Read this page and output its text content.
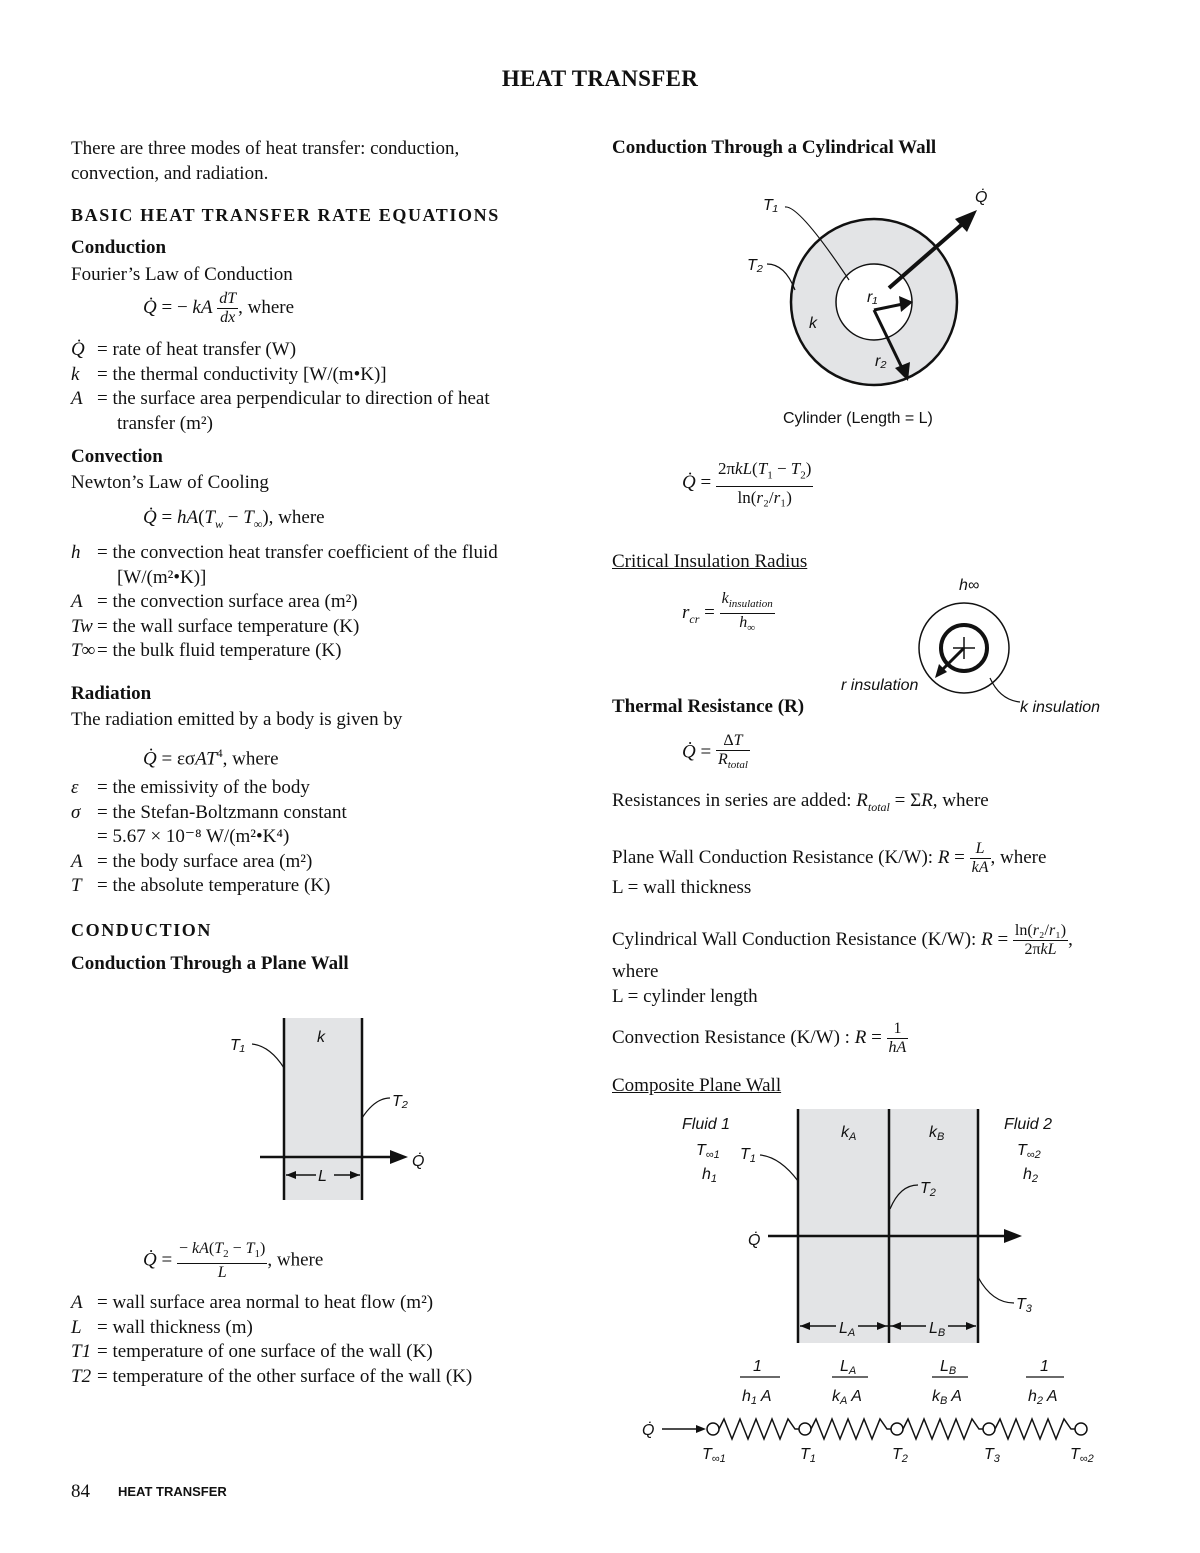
HEAT TRANSFER
There are three modes of heat transfer: conduction,
convection, and radiation.
BASIC HEAT TRANSFER RATE EQUATIONS
Conduction
Fourier’s Law of Conduction
Q̇ = − kA $\frac{dT}{dx}$ , where
Q̇ = rate of heat transfer (W)
k = the thermal conductivity [W/(m•K)]
A = the surface area perpendicular to direction of heat
transfer (m²)
Convection
Newton’s Law of Cooling
Q̇ = $hA(T_w - T_\infty)$, where
h = the convection heat transfer coefficient of the fluid
[W/(m²•K)]
A = the convection surface area (m²)
Tw = the wall surface temperature (K)
T∞= the bulk fluid temperature (K)
Radiation
The radiation emitted by a body is given by
Q̇ = εσAT$^4$, where
ε = the emissivity of the body
σ = the Stefan-Boltzmann constant
= 5.67 × 10⁻⁸ W/(m²•K⁴)
A = the body surface area (m²)
T = the absolute temperature (K)
CONDUCTION
Conduction Through a Plane Wall
L
k
T₁
T₂
Q̇
Q̇ = $\frac{- kA(T_2 - T_1)}{L}$ , where
A = wall surface area normal to heat flow (m²)
L = wall thickness (m)
T1 = temperature of one surface of the wall (K)
T2 = temperature of the other surface of the wall (K)
84 HEAT TRANSFER
Conduction Through a Cylindrical Wall
Q̇
r₁
r₂
k
T₁
T₂
Cylinder (Length = L)
Q̇ = $\frac{2\pi kL(T_1 - T_2)}{\text{ln(r₂/r₁)}}$
Critical Insulation Radius
$r_{cr} = \frac{k_{insulation}}{h_\infty}$
h∞
r insulation
k insulation
Thermal Resistance (R)
Q̇ = $\frac{\Delta T}{R_{total}}$
Resistances in series are added: $R_{total} = \Sigma R$, where
Plane Wall Conduction Resistance (K/W): $R = \frac{L}{kA}$ , where
L = wall thickness
Cylindrical Wall Conduction Resistance (K/W): $R = \frac{\text{ln(r₂/r₁)}}{\text{2πkL}}$ ,
where
L = cylinder length
Convection Resistance (K/W) : $R = \frac{1}{hA}$
Composite Plane Wall
LA	LB
kA	kB
Fluid 1
T∞1
h1
T1
Fluid 2
T∞2
h2
T2
T3
Q̇
1
h1 A
LA
kA A
LB
kB A
1
h2 A
Q̇
T∞1	T1	T2	T3	T∞2
